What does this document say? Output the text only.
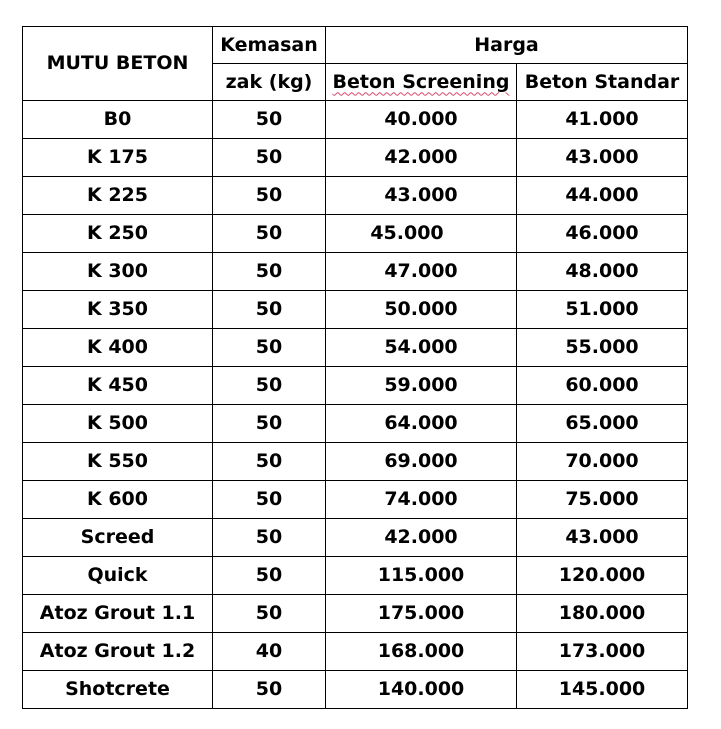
MUTU BETON	Kemasan	Harga	
	zak (kg)	Beton Screening	Beton Standar
B0	50	40.000	41.000
K 175	50	42.000	43.000
K 225	50	43.000	44.000
K 250	50	45.000	46.000
K 300	50	47.000	48.000
K 350	50	50.000	51.000
K 400	50	54.000	55.000
K 450	50	59.000	60.000
K 500	50	64.000	65.000
K 550	50	69.000	70.000
K 600	50	74.000	75.000
Screed	50	42.000	43.000
Quick	50	115.000	120.000
Atoz Grout 1.1	50	175.000	180.000
Atoz Grout 1.2	40	168.000	173.000
Shotcrete	50	140.000	145.000
